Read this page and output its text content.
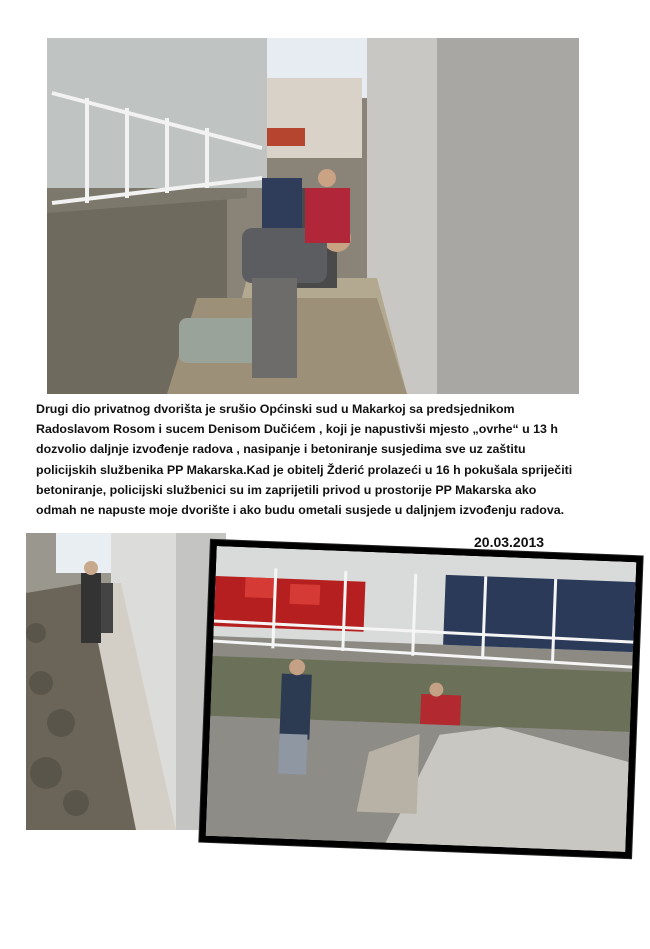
Drugi dio privatnog dvorišta je srušio Općinski sud u Makarkoj sa predsjednikom
Radoslavom Rosom i sucem Denisom Dučićem , koji je napustivši mjesto „ovrhe“ u 13 h
dozvolio daljnje izvođenje radova , nasipanje i betoniranje susjedima sve uz zaštitu
policijskih službenika PP Makarska.Kad je obitelj Žderić prolazeći u 16 h pokušala spriječiti
betoniranje, policijski službenici su im zaprijetili privod u prostorije PP Makarska ako
odmah ne napuste moje dvorište i ako budu ometali susjede u daljnjem izvođenju radova.
20.03.2013
